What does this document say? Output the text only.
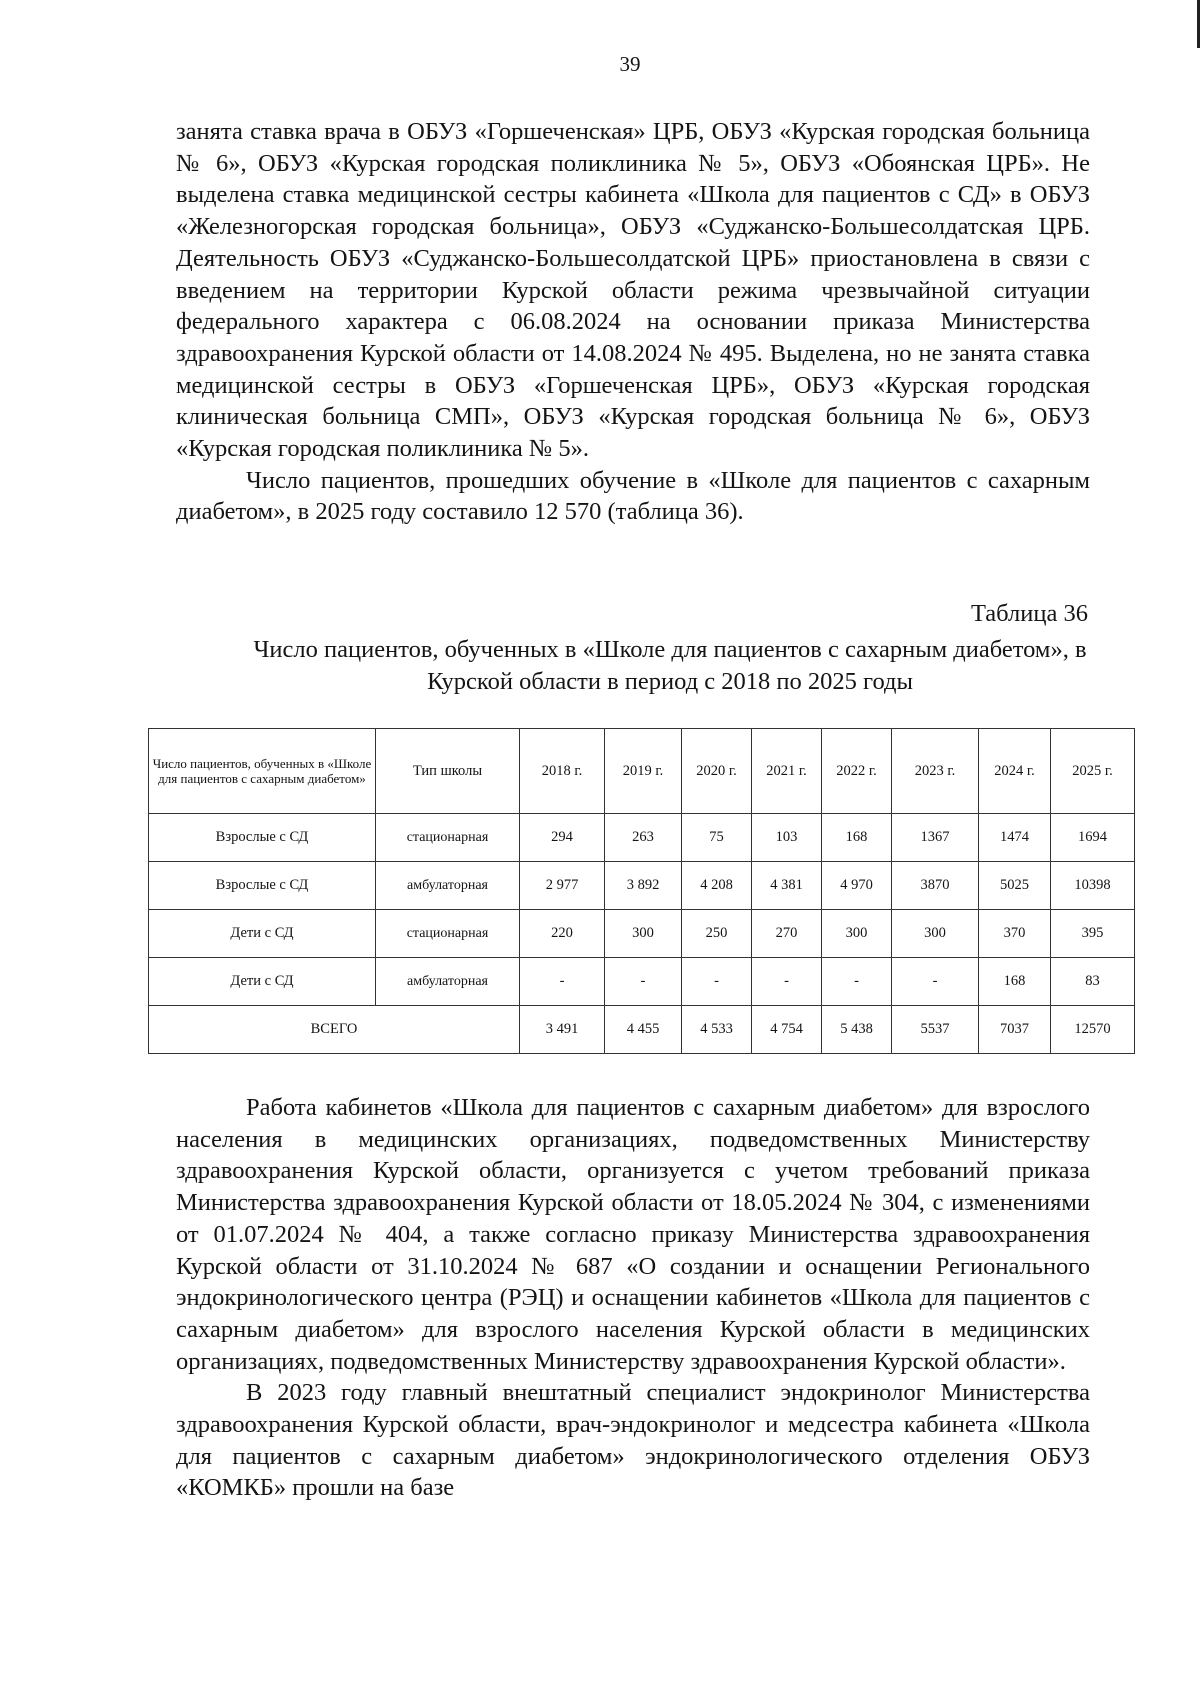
39

занята ставка врача в ОБУЗ «Горшеченская» ЦРБ, ОБУЗ «Курская городская больница № 6», ОБУЗ «Курская городская поликлиника № 5», ОБУЗ «Обоянская ЦРБ». Не выделена ставка медицинской сестры кабинета «Школа для пациентов с СД» в ОБУЗ «Железногорская городская больница», ОБУЗ «Суджанско-Большесолдатская ЦРБ. Деятельность ОБУЗ «Суджанско-Большесолдатской ЦРБ» приостановлена в связи с введением на территории Курской области режима чрезвычайной ситуации федерального характера с 06.08.2024 на основании приказа Министерства здравоохранения Курской области от 14.08.2024 № 495. Выделена, но не занята ставка медицинской сестры в ОБУЗ «Горшеченская ЦРБ», ОБУЗ «Курская городская клиническая больница СМП», ОБУЗ «Курская городская больница № 6», ОБУЗ «Курская городская поликлиника № 5».

Число пациентов, прошедших обучение в «Школе для пациентов с сахарным диабетом», в 2025 году составило 12 570 (таблица 36).

Таблица 36
Число пациентов, обученных в «Школе для пациентов с сахарным диабетом», в Курской области в период с 2018 по 2025 годы
Число пациентов, обученных в «Школе для пациентов с сахарным диабетом»	Тип школы	2018 г.	2019 г.	2020 г.	2021 г.	2022 г.	2023 г.	2024 г.	2025 г.
Взрослые с СД	стационарная	294	263	75	103	168	1367	1474	1694
Взрослые с СД	амбулаторная	2 977	3 892	4 208	4 381	4 970	3870	5025	10398
Дети с СД	стационарная	220	300	250	270	300	300	370	395
Дети с СД	амбулаторная	-	-	-	-	-	-	168	83
ВСЕГО		3 491	4 455	4 533	4 754	5 438	5537	7037	12570

Работа кабинетов «Школа для пациентов с сахарным диабетом» для взрослого населения в медицинских организациях, подведомственных Министерству здравоохранения Курской области, организуется с учетом требований приказа Министерства здравоохранения Курской области от 18.05.2024 № 304, с изменениями от 01.07.2024 № 404, а также согласно приказу Министерства здравоохранения Курской области от 31.10.2024 № 687 «О создании и оснащении Регионального эндокринологического центра (РЭЦ) и оснащении кабинетов «Школа для пациентов с сахарным диабетом» для взрослого населения Курской области в медицинских организациях, подведомственных Министерству здравоохранения Курской области».

В 2023 году главный внештатный специалист эндокринолог Министерства здравоохранения Курской области, врач-эндокринолог и медсестра кабинета «Школа для пациентов с сахарным диабетом» эндокринологического отделения ОБУЗ «КОМКБ» прошли на базе
